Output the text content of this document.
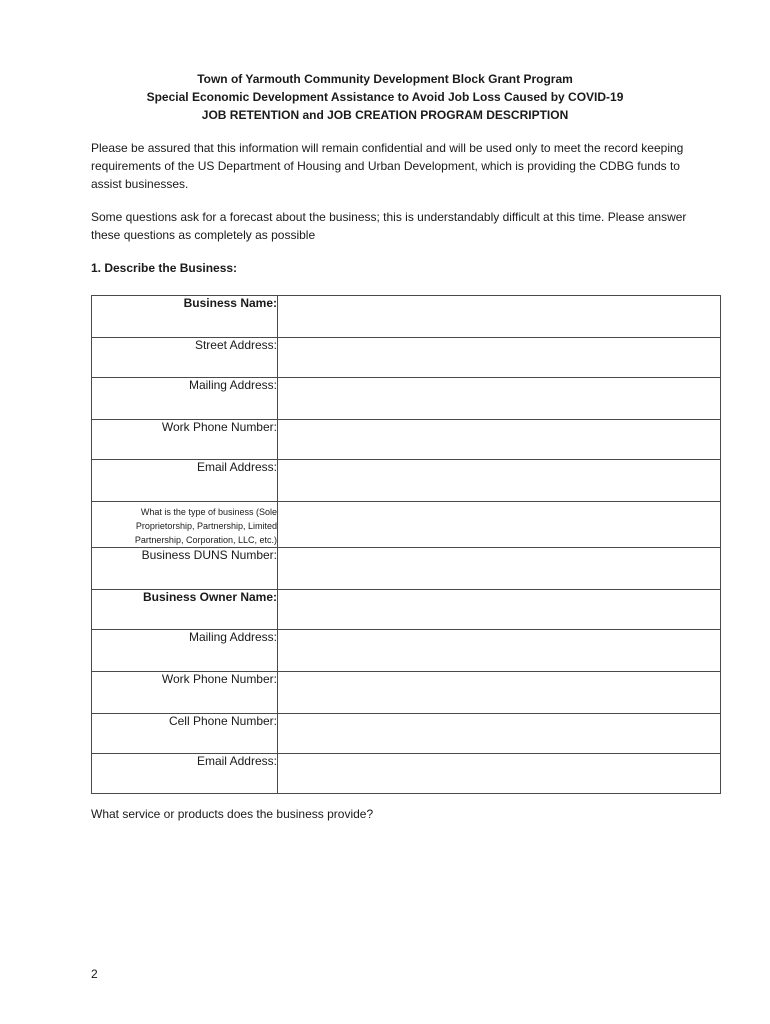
Town of Yarmouth Community Development Block Grant Program
Special Economic Development Assistance to Avoid Job Loss Caused by COVID-19
JOB RETENTION and JOB CREATION PROGRAM DESCRIPTION
Please be assured that this information will remain confidential and will be used only to meet the record keeping requirements of the US Department of Housing and Urban Development, which is providing the CDBG funds to assist businesses.
Some questions ask for a forecast about the business; this is understandably difficult at this time. Please answer these questions as completely as possible
1. Describe the Business:
Business Name:	
Street Address:	
Mailing Address:	
Work Phone Number:	
Email Address:	
What is the type of business (Sole Proprietorship, Partnership, Limited Partnership, Corporation, LLC, etc.)	
Business DUNS Number:	
Business Owner Name:	
Mailing Address:	
Work Phone Number:	
Cell Phone Number:	
Email Address:	
What service or products does the business provide?
2
